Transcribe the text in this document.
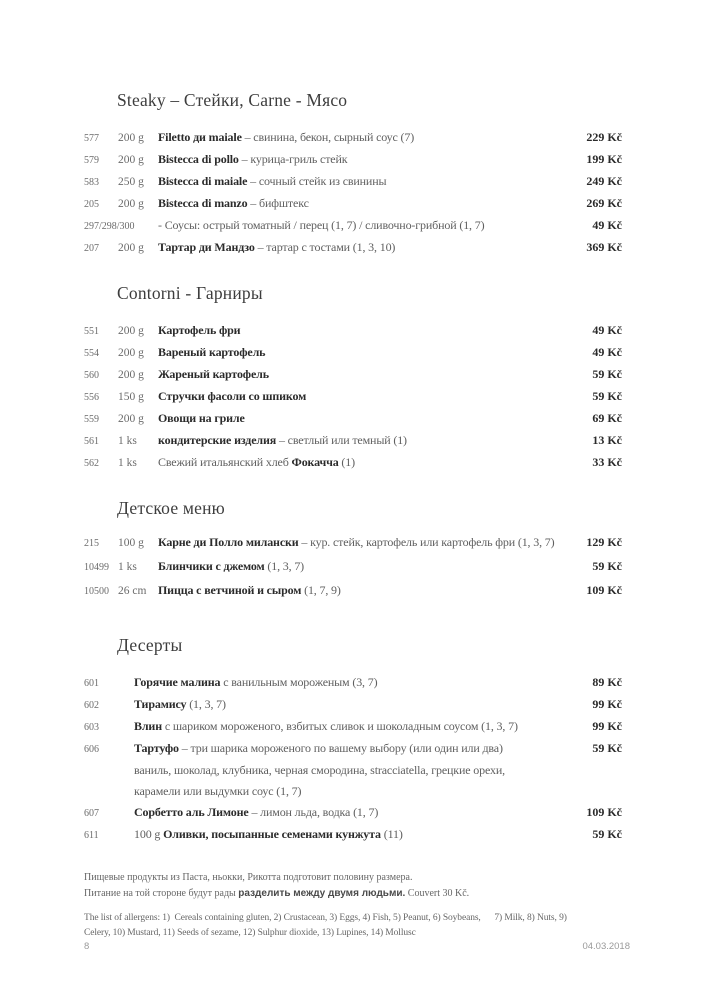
Steaky – Стейки, Carne - Мясо
577	200 g	Filetto ди maiale – свинина, бекон, сырный соус (7)	229 Kč
579	200 g	Bistecca di pollo – курица-гриль стейк	199 Kč
583	250 g	Bistecca di maiale – сочный стейк из свинины	249 Kč
205	200 g	Bistecca di manzo – бифштекс	269 Kč
297/298/300 - Соусы: острый томатный / перец (1, 7) / сливочно-грибной (1, 7)	49 Kč
207	200 g	Тартар ди Мандзо – тартар с тостами (1, 3, 10)	369 Kč
Contorni - Гарниры
551	200 g	Картофель фри	49 Kč
554	200 g	Вареный картофель	49 Kč
560	200 g	Жареный картофель	59 Kč
556	150 g	Стручки фасоли со шпиком	59 Kč
559	200 g	Овощи на гриле	69 Kč
561	1 ks	кондитерские изделия – светлый или темный (1)	13 Kč
562	1 ks	Свежий итальянский хлеб Фокачча (1)	33 Kč
Детское меню
215	100 g	Карне ди Полло милански – кур. стейк, картофель или картофель фри (1, 3, 7)	129 Kč
10499 1 ks	Блинчики с джемом (1, 3, 7)	59 Kč
10500 26 cm Пицца с ветчиной и сыром (1, 7, 9)	109 Kč
Десерты
601	Горячие малина с ванильным мороженым (3, 7)	89 Kč
602	Тирамису (1, 3, 7)	99 Kč
603	Влин с шариком мороженого, взбитых сливок и шоколадным соусом (1, 3, 7)	99 Kč
606	Тартуфо – три шарика мороженого по вашему выбору (или один или два)	59 Kč
ваниль, шоколад, клубника, черная смородина, stracciatella, грецкие орехи,
карамели или выдумки соус (1, 7)
607	Сорбетто аль Лимоне – лимон льда, водка (1, 7)	109 Kč
611	100 g Оливки, посыпанные семенами кунжута (11)	59 Kč
Пищевые продукты из Паста, ньокки, Рикотта подготовит половину размера.
Питание на той стороне будут рады разделить между двумя людьми. Couvert 30 Kč.
The list of allergens: 1)  Cereals containing gluten, 2) Crustacean, 3) Eggs, 4) Fish, 5) Peanut, 6) Soybeans,      7) Milk, 8) Nuts, 9)
Celery, 10) Mustard, 11) Seeds of sezame, 12) Sulphur dioxide, 13) Lupines, 14) Mollusc
8	04.03.2018
